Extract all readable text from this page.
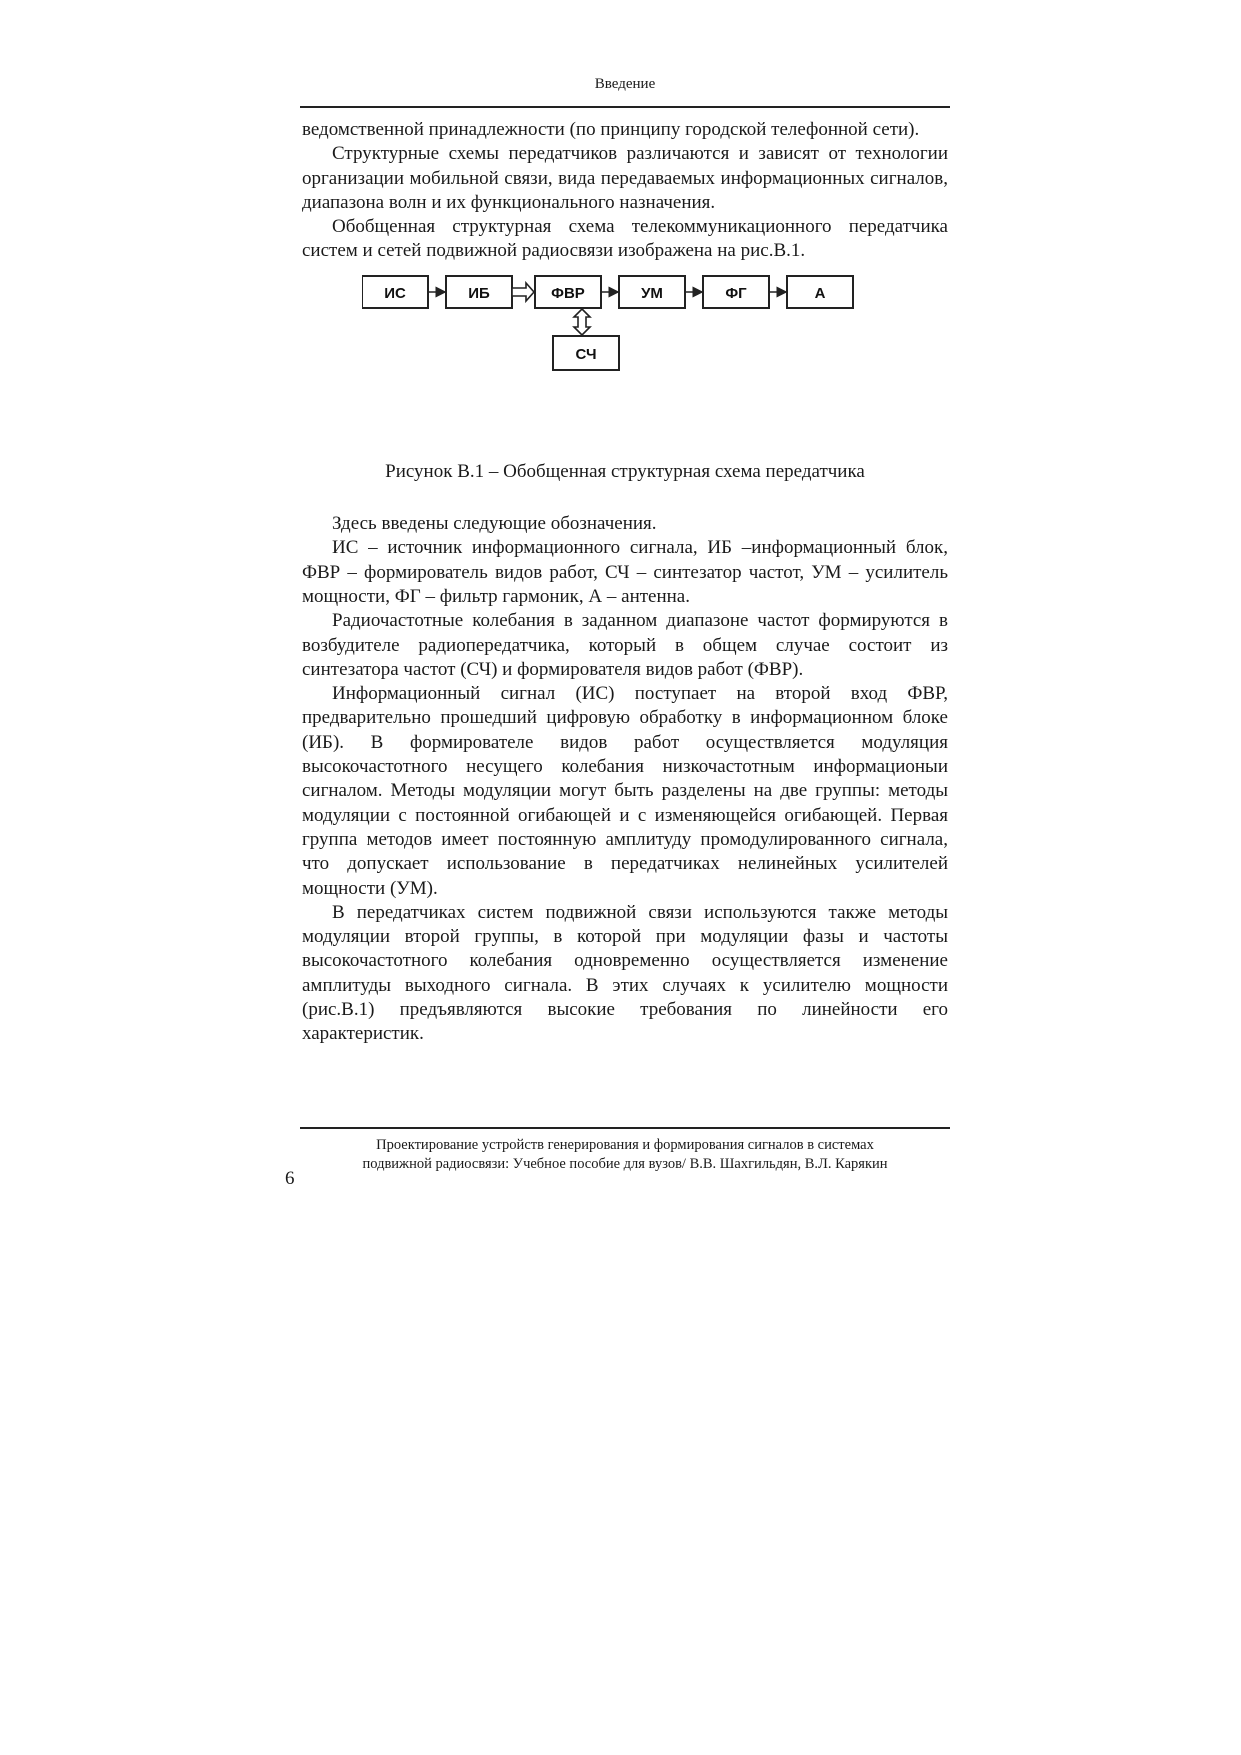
Введение

ведомственной принадлежности (по принципу городской телефонной сети).

Структурные схемы передатчиков различаются и зависят от технологии организации мобильной связи, вида передаваемых информационных сигналов, диапазона волн и их функционального назначения.

Обобщенная структурная схема телекоммуникационного передатчика систем и сетей подвижной радиосвязи изображена на рис.В.1.

ИС	ИБ	ФВР	УМ	ФГ	А
СЧ

Рисунок В.1 – Обобщенная структурная схема передатчика

Здесь введены следующие обозначения.

ИС – источник информационного сигнала, ИБ –информационный блок, ФВР – формирователь видов работ, СЧ – синтезатор частот, УМ – усилитель мощности, ФГ – фильтр гармоник, А – антенна.

Радиочастотные колебания в заданном диапазоне частот формируются в возбудителе радиопередатчика, который в общем случае состоит из синтезатора частот (СЧ) и формирователя видов работ (ФВР).

Информационный сигнал (ИС) поступает на второй вход ФВР, предварительно прошедший цифровую обработку в информационном блоке (ИБ). В формирователе видов работ осуществляется модуляция высокочастотного несущего колебания низкочастотным информационыи сигналом. Методы модуляции могут быть разделены на две группы: методы модуляции с постоянной огибающей и с изменяющейся огибающей. Первая группа методов имеет постоянную амплитуду промодулированного сигнала, что допускает использование в передатчиках нелинейных усилителей мощности (УМ).

В передатчиках систем подвижной связи используются также методы модуляции второй группы, в которой при модуляции фазы и частоты высокочастотного колебания одновременно осуществляется изменение амплитуды выходного сигнала. В этих случаях к усилителю мощности (рис.В.1) предъявляются высокие требования по линейности его характеристик.

Проектирование устройств генерирования и формирования сигналов в системах
подвижной радиосвязи: Учебное пособие для вузов/ В.В. Шахгильдян, В.Л. Карякин
6
